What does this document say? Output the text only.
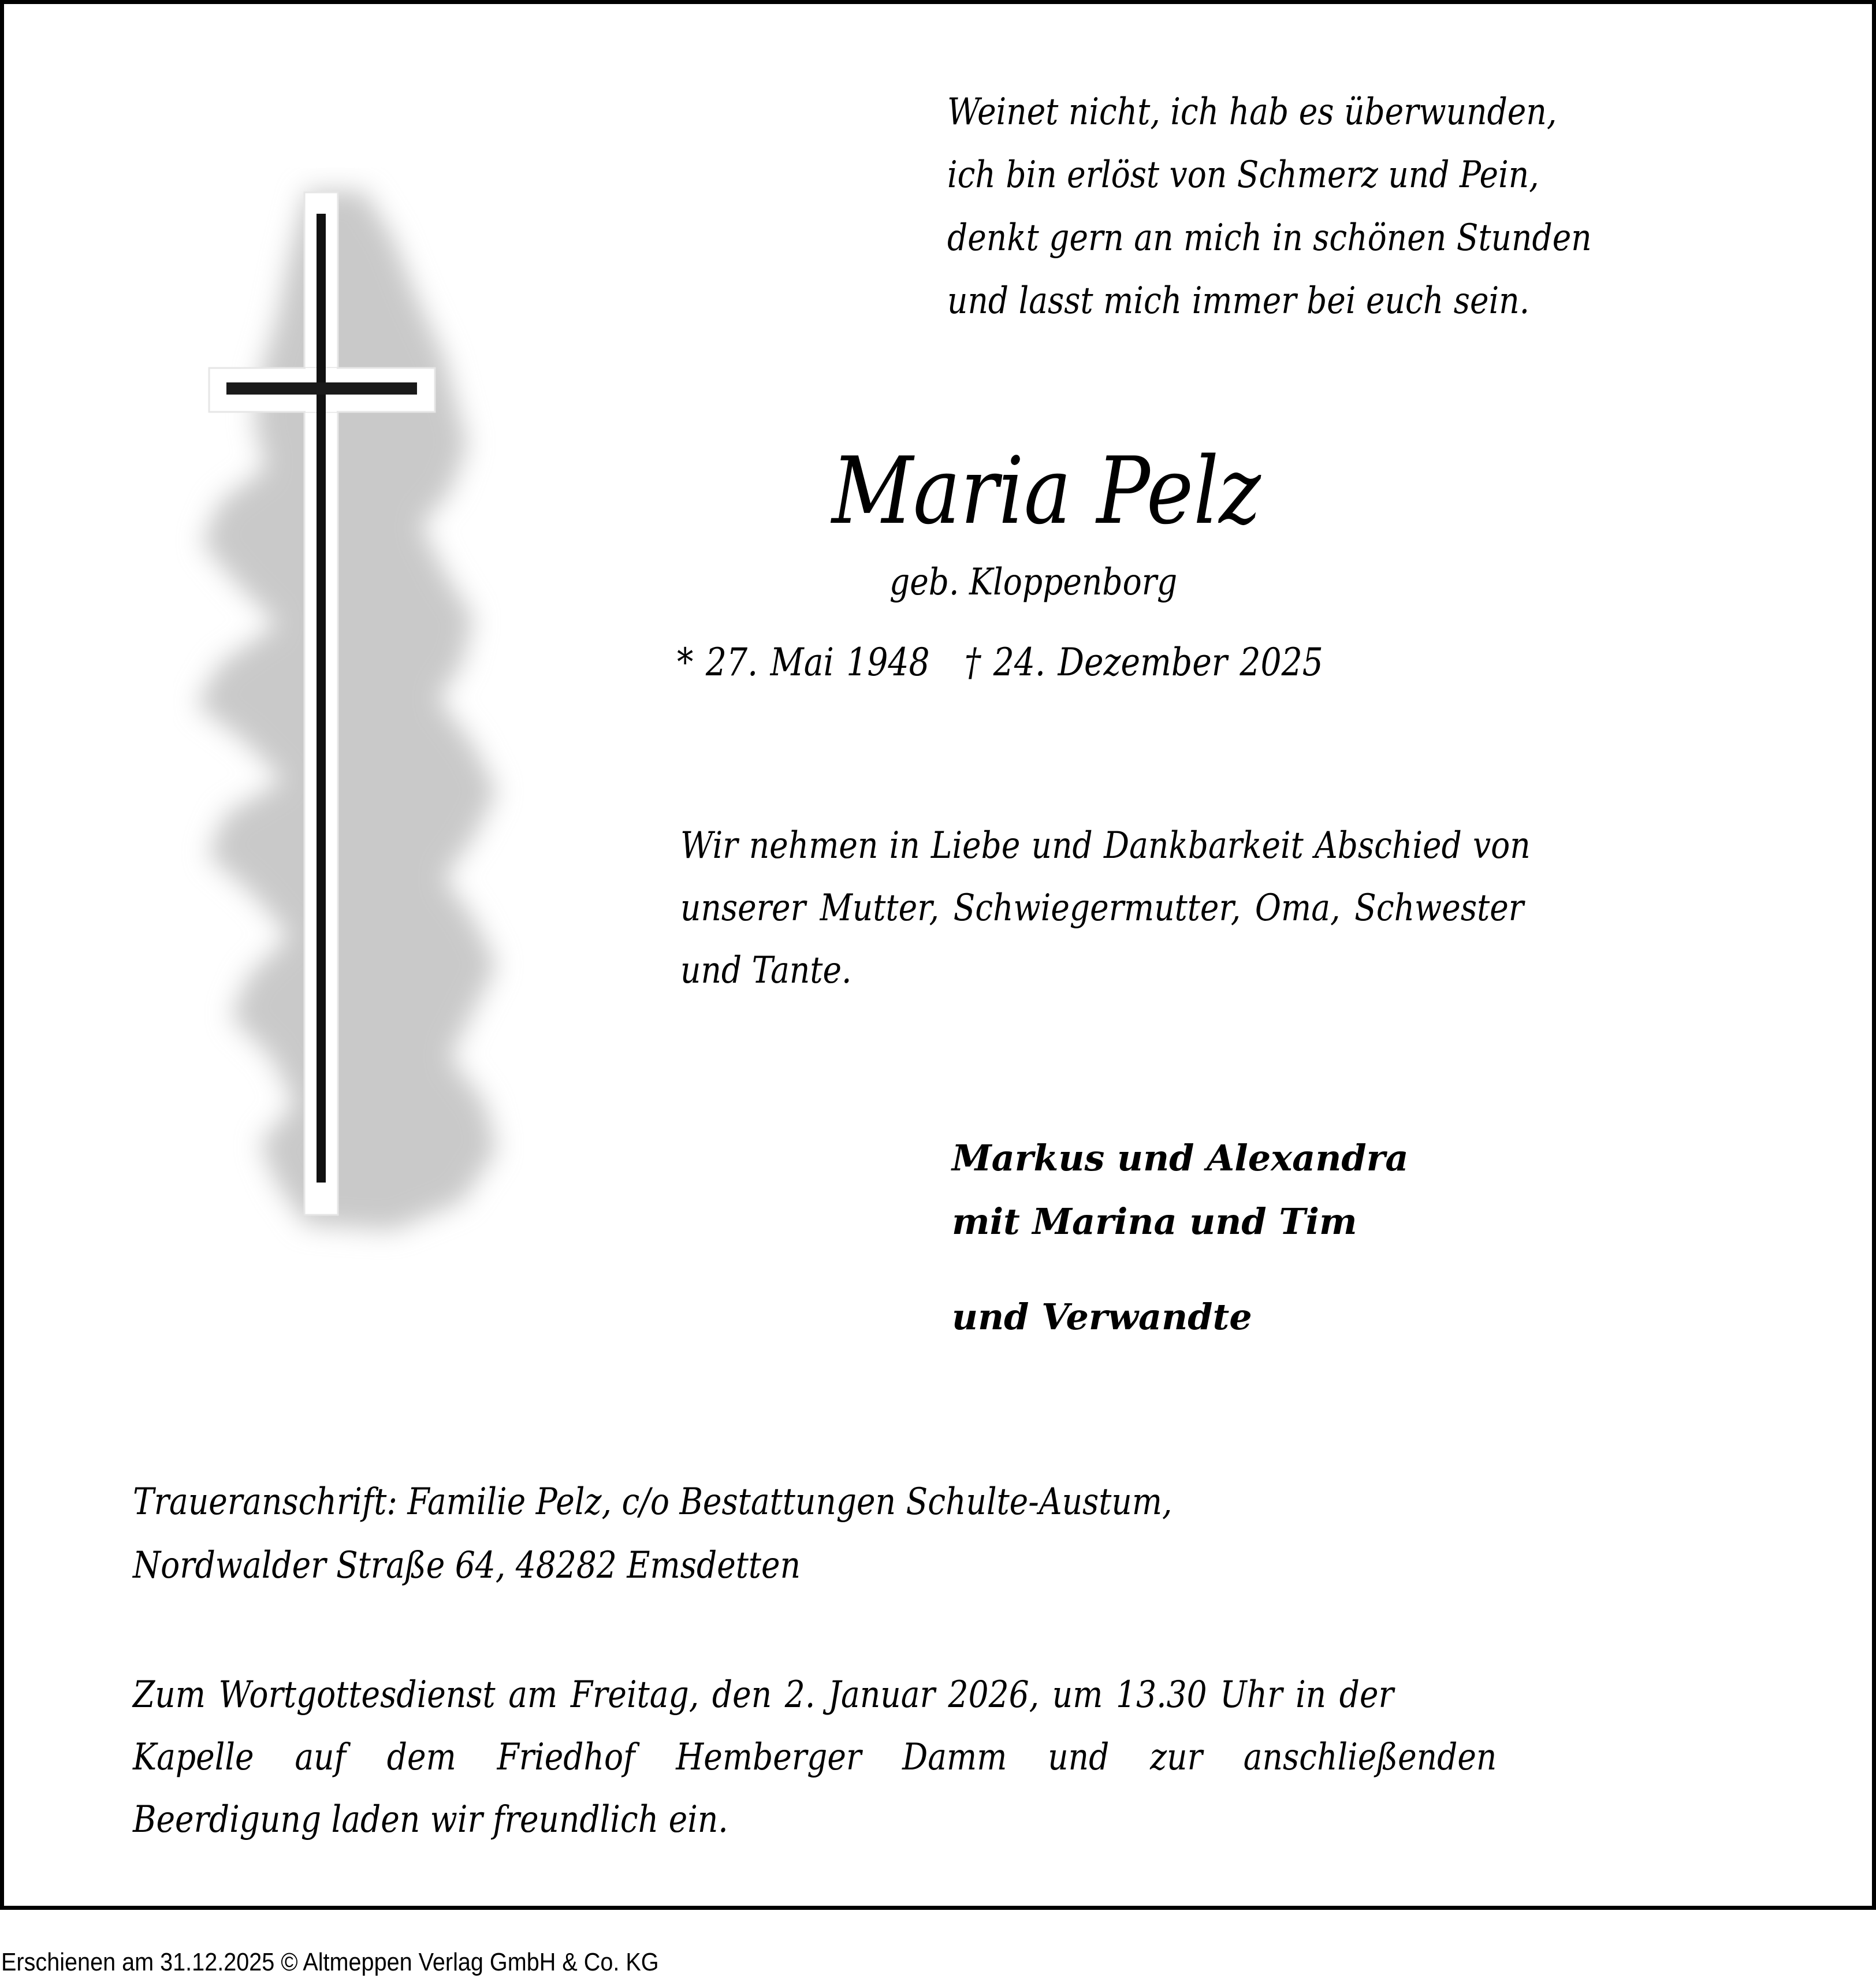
Weinet nicht, ich hab es überwunden,
ich bin erlöst von Schmerz und Pein,
denkt gern an mich in schönen Stunden
und lasst mich immer bei euch sein.
Maria Pelz
geb. Kloppenborg
* 27. Mai 1948 † 24. Dezember 2025
Wir nehmen in Liebe und Dankbarkeit Abschied von
unserer  Mutter,  Schwiegermutter,  Oma,  Schwester
und Tante.
Markus und Alexandra
mit Marina und Tim
und Verwandte
Traueranschrift: Familie Pelz, c/o Bestattungen Schulte-Austum,
Nordwalder Straße 64, 48282 Emsdetten
Zum Wortgottesdienst am Freitag, den 2. Januar 2026, um 13.30 Uhr in der
Kapelle auf dem Friedhof Hemberger Damm und zur anschließenden
Beerdigung laden wir freundlich ein.
Erschienen am 31.12.2025 © Altmeppen Verlag GmbH & Co. KG
